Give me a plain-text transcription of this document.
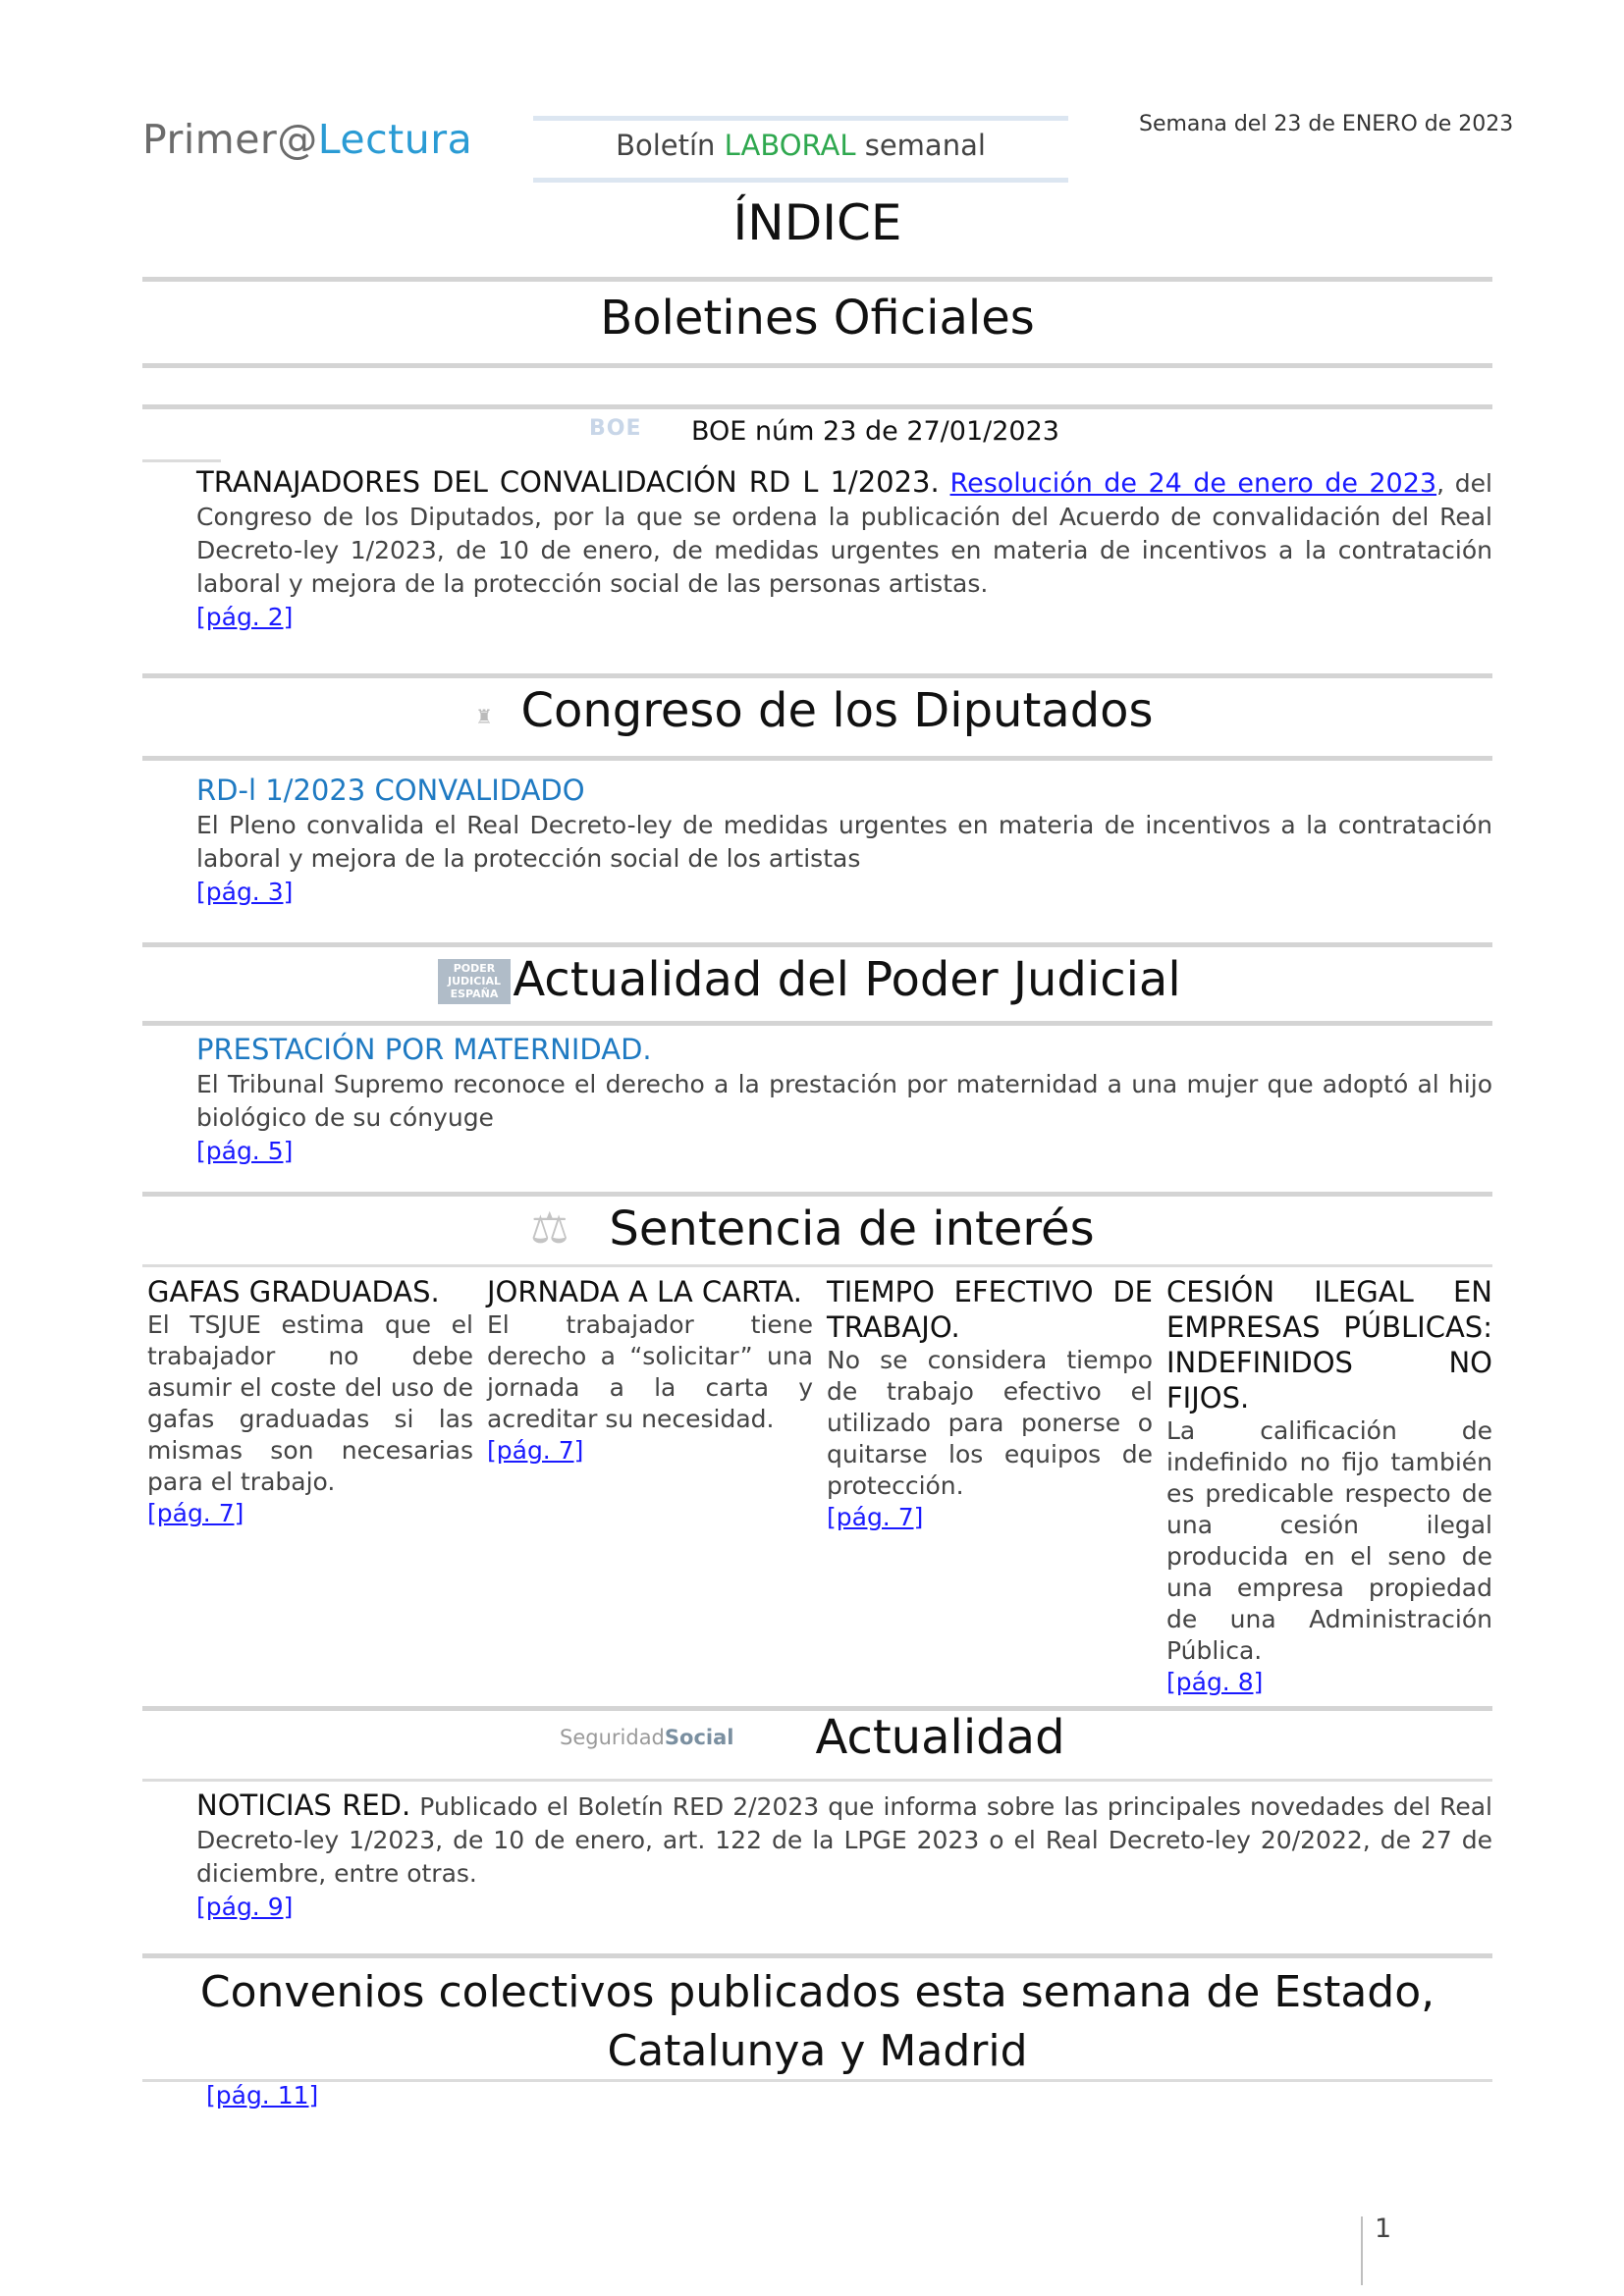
Primer@Lectura	Boletín LABORAL semanal
Semana del 23 de ENERO de 2023
ÍNDICE
Boletines Oficiales
BOE BOE núm 23 de 27/01/2023
TRANAJADORES DEL CONVALIDACIÓN RD L 1/2023. Resolución de 24 de enero de 2023, del Congreso de los Diputados, por la que se ordena la publicación del Acuerdo de convalidación del Real Decreto-ley 1/2023, de 10 de enero, de medidas urgentes en materia de incentivos a la contratación laboral y mejora de la protección social de las personas artistas.
[pág. 2]
♜ Congreso de los Diputados
RD-l 1/2023 CONVALIDADO
El Pleno convalida el Real Decreto-ley de medidas urgentes en materia de incentivos a la contratación laboral y mejora de la protección social de los artistas
[pág. 3]
PODER
JUDICIAL
ESPAÑA Actualidad del Poder Judicial
PRESTACIÓN POR MATERNIDAD.
El Tribunal Supremo reconoce el derecho a la prestación por maternidad a una mujer que adoptó al hijo biológico de su cónyuge
[pág. 5]
⚖ Sentencia de interés
GAFAS GRADUADAS.
El TSJUE estima que el trabajador no debe asumir el coste del uso de gafas graduadas si las mismas son necesarias para el trabajo.
[pág. 7]
JORNADA A LA CARTA.
El trabajador tiene derecho a “solicitar” una jornada a la carta y acreditar su necesidad.
[pág. 7]
TIEMPO EFECTIVO DE TRABAJO.
No se considera tiempo de trabajo efectivo el utilizado para ponerse o quitarse los equipos de protección.
[pág. 7]
CESIÓN ILEGAL EN EMPRESAS PÚBLICAS: INDEFINIDOS NO FIJOS.
La calificación de indefinido no fijo también es predicable respecto de una cesión ilegal producida en el seno de una empresa propiedad de una Administración Pública.
[pág. 8]
SeguridadSocial	Actualidad
NOTICIAS RED. Publicado el Boletín RED 2/2023 que informa sobre las principales novedades del Real Decreto-ley 1/2023, de 10 de enero, art. 122 de la LPGE 2023 o el Real Decreto-ley 20/2022, de 27 de diciembre, entre otras.
[pág. 9]
Convenios colectivos publicados esta semana de Estado,
Catalunya y Madrid
[pág. 11]
1
